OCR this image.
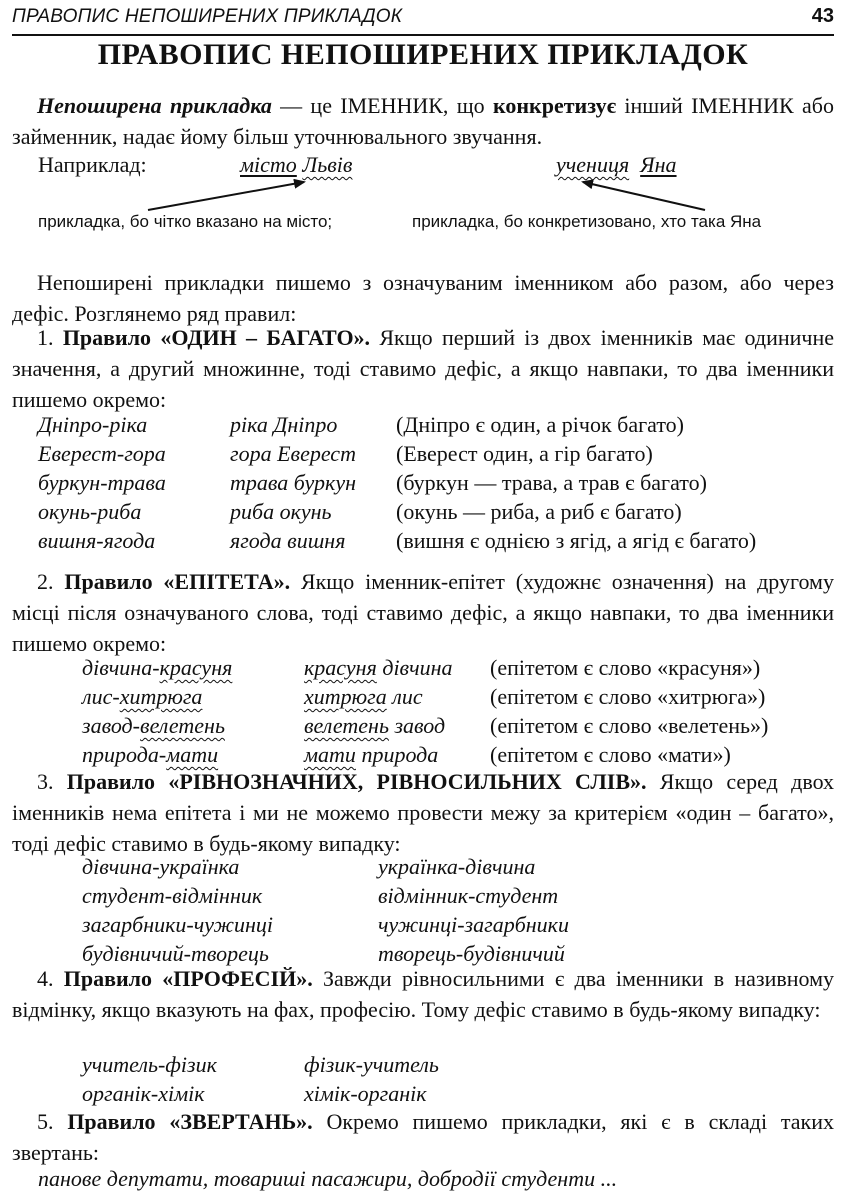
ПРАВОПИС НЕПОШИРЕНИХ ПРИКЛАДОК	43
ПРАВОПИС НЕПОШИРЕНИХ ПРИКЛАДОК
Непоширена прикладка — це ІМЕННИК, що конкретизує інший ІМЕННИК або займенник, надає йому більш уточнювального звучання.
Наприклад:	місто Львів	учениця Яна
прикладка, бо чітко вказано на місто;	прикладка, бо конкретизовано, хто така Яна
Непоширені прикладки пишемо з означуваним іменником або разом, або через дефіс. Розглянемо ряд правил:
1. Правило «ОДИН – БАГАТО». Якщо перший із двох іменників має одиничне значення, а другий множинне, тоді ставимо дефіс, а якщо навпаки, то два іменники пишемо окремо:
Дніпро-ріка	ріка Дніпро	(Дніпро є один, а річок багато)
Еверест-гора	гора Еверест (Еверест один, а гір багато)
буркун-трава	трава буркун (буркун — трава, а трав є багато)
окунь-риба	риба окунь	(окунь — риба, а риб є багато)
вишня-ягода	ягода вишня (вишня є однією з ягід, а ягід є багато)
2. Правило «ЕПІТЕТА». Якщо іменник-епітет (художнє означення) на другому місці після означуваного слова, тоді ставимо дефіс, а якщо навпаки, то два іменники пишемо окремо:
дівчина-красуня	красуня дівчина (епітетом є слово «красуня»)
лис-хитрюга	хитрюга лис	(епітетом є слово «хитрюга»)
завод-велетень	велетень завод (епітетом є слово «велетень»)
природа-мати	мати природа (епітетом є слово «мати»)
3. Правило «РІВНОЗНАЧНИХ, РІВНОСИЛЬНИХ СЛІВ». Якщо серед двох іменників нема епітета і ми не можемо провести межу за критерієм «один – багато», тоді дефіс ставимо в будь-якому випадку:
дівчина-українка	українка-дівчина
студент-відмінник	відмінник-студент
загарбники-чужинці	чужинці-загарбники
будівничий-творець	творець-будівничий
4. Правило «ПРОФЕСІЙ». Завжди рівносильними є два іменники в називному відмінку, якщо вказують на фах, професію. Тому дефіс ставимо в будь-якому випадку:
учитель-фізик	фізик-учитель
органік-хімік	хімік-органік
5. Правило «ЗВЕРТАНЬ». Окремо пишемо прикладки, які є в складі таких звертань:
панове депутати, товариші пасажири, добродії студенти ...
